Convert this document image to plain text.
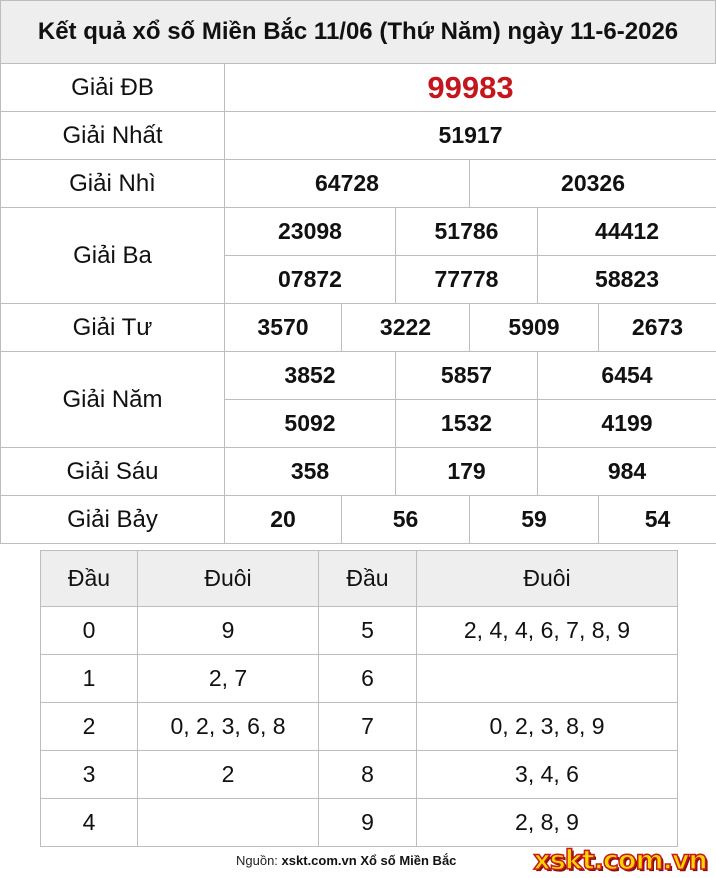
Kết quả xổ số Miền Bắc 11/06 (Thứ Năm) ngày 11-6-2026
Giải ĐB	99983					
Giải Nhất	51917					
Giải Nhì	64728			20326		
Giải Ba	23098		51786		44412	
	07872		77778		58823	
Giải Tư	3570	3222		5909		2673
Giải Năm	3852		5857		6454	
	5092		1532		4199	
Giải Sáu	358		179		984	
Giải Bảy	20	56		59		54
Đầu	Đuôi	Đầu	Đuôi
0	9	5	2, 4, 4, 6, 7, 8, 9
1	2, 7	6	
2	0, 2, 3, 6, 8	7	0, 2, 3, 8, 9
3	2	8	3, 4, 6
4		9	2, 8, 9
Nguồn: xskt.com.vn Xổ số Miền Bắc	xskt.com.vn
